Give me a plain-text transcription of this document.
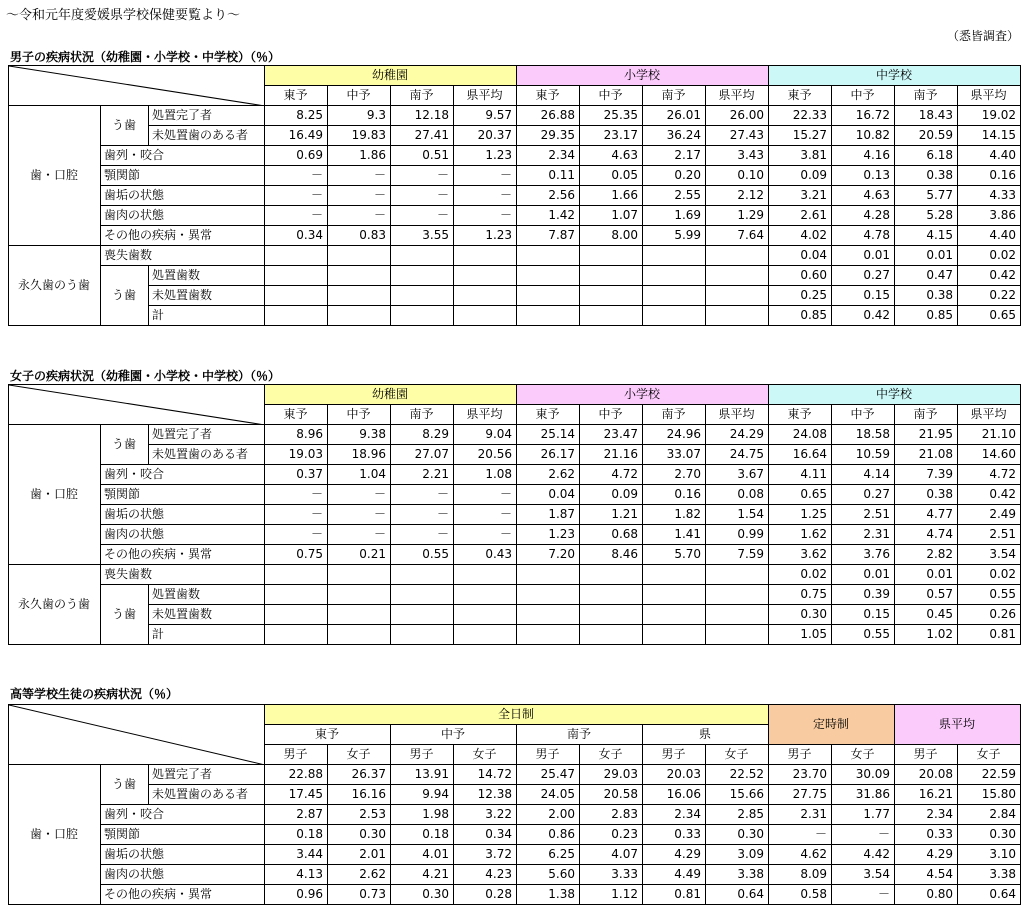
～令和元年度愛媛県学校保健要覧より～
（悉皆調査）
男子の疾病状況（幼稚園・小学校・中学校）（％）
	幼稚園				小学校				中学校			
			東予	中予	南予	県平均	東予	中予	南予	県平均	東予	中予	南予	県平均
歯・口腔	う歯	処置完了者	8.25	9.3	12.18	9.57	26.88	25.35	26.01	26.00	22.33	16.72	18.43	19.02
		未処置歯のある者	16.49	19.83	27.41	20.37	29.35	23.17	36.24	27.43	15.27	10.82	20.59	14.15
	歯列・咬合		0.69	1.86	0.51	1.23	2.34	4.63	2.17	3.43	3.81	4.16	6.18	4.40
	顎関節		－	－	－	－	0.11	0.05	0.20	0.10	0.09	0.13	0.38	0.16
	歯垢の状態		－	－	－	－	2.56	1.66	2.55	2.12	3.21	4.63	5.77	4.33
	歯肉の状態		－	－	－	－	1.42	1.07	1.69	1.29	2.61	4.28	5.28	3.86
	その他の疾病・異常		0.34	0.83	3.55	1.23	7.87	8.00	5.99	7.64	4.02	4.78	4.15	4.40
永久歯のう歯	喪失歯数										0.04	0.01	0.01	0.02
	う歯	処置歯数									0.60	0.27	0.47	0.42
		未処置歯数									0.25	0.15	0.38	0.22
		計									0.85	0.42	0.85	0.65
女子の疾病状況（幼稚園・小学校・中学校）（％）
	幼稚園				小学校				中学校			
			東予	中予	南予	県平均	東予	中予	南予	県平均	東予	中予	南予	県平均
歯・口腔	う歯	処置完了者	8.96	9.38	8.29	9.04	25.14	23.47	24.96	24.29	24.08	18.58	21.95	21.10
		未処置歯のある者	19.03	18.96	27.07	20.56	26.17	21.16	33.07	24.75	16.64	10.59	21.08	14.60
	歯列・咬合		0.37	1.04	2.21	1.08	2.62	4.72	2.70	3.67	4.11	4.14	7.39	4.72
	顎関節		－	－	－	－	0.04	0.09	0.16	0.08	0.65	0.27	0.38	0.42
	歯垢の状態		－	－	－	－	1.87	1.21	1.82	1.54	1.25	2.51	4.77	2.49
	歯肉の状態		－	－	－	－	1.23	0.68	1.41	0.99	1.62	2.31	4.74	2.51
	その他の疾病・異常		0.75	0.21	0.55	0.43	7.20	8.46	5.70	7.59	3.62	3.76	2.82	3.54
永久歯のう歯	喪失歯数										0.02	0.01	0.01	0.02
	う歯	処置歯数									0.75	0.39	0.57	0.55
		未処置歯数									0.30	0.15	0.45	0.26
		計									1.05	0.55	1.02	0.81
高等学校生徒の疾病状況（％）
	全日制								定時制		県平均	
			東予		中予		南予		県					
			男子	女子	男子	女子	男子	女子	男子	女子	男子	女子	男子	女子
歯・口腔	う歯	処置完了者	22.88	26.37	13.91	14.72	25.47	29.03	20.03	22.52	23.70	30.09	20.08	22.59
		未処置歯のある者	17.45	16.16	9.94	12.38	24.05	20.58	16.06	15.66	27.75	31.86	16.21	15.80
	歯列・咬合		2.87	2.53	1.98	3.22	2.00	2.83	2.34	2.85	2.31	1.77	2.34	2.84
	顎関節		0.18	0.30	0.18	0.34	0.86	0.23	0.33	0.30	－	－	0.33	0.30
	歯垢の状態		3.44	2.01	4.01	3.72	6.25	4.07	4.29	3.09	4.62	4.42	4.29	3.10
	歯肉の状態		4.13	2.62	4.21	4.23	5.60	3.33	4.49	3.38	8.09	3.54	4.54	3.38
	その他の疾病・異常		0.96	0.73	0.30	0.28	1.38	1.12	0.81	0.64	0.58	－	0.80	0.64
